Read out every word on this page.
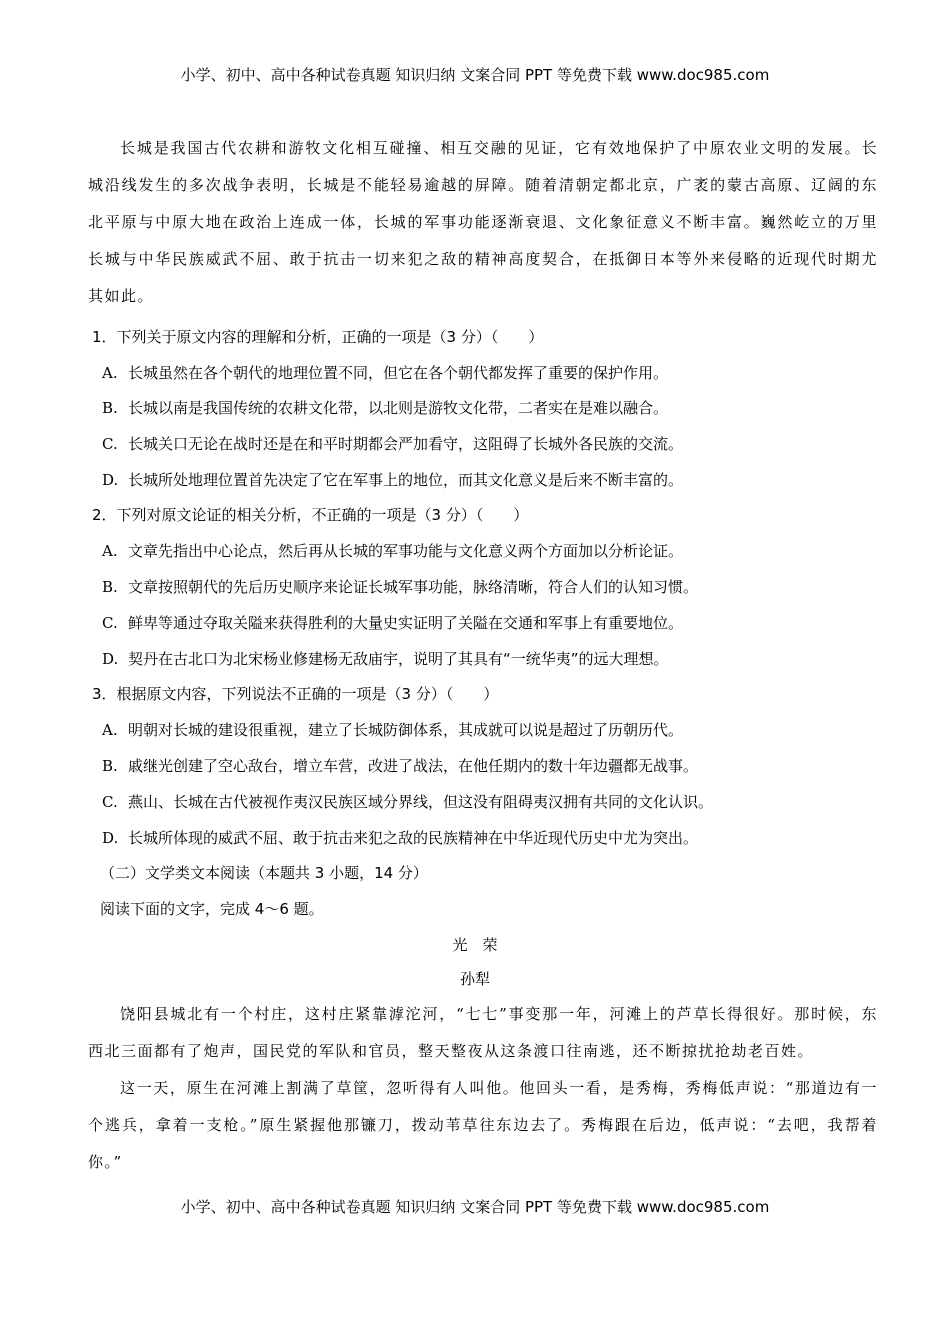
小学、初中、高中各种试卷真题 知识归纳 文案合同 PPT 等免费下载 www.doc985.com
长城是我国古代农耕和游牧文化相互碰撞、相互交融的见证，它有效地保护了中原农业文明的发展。长城沿线发生的多次战争表明，长城是不能轻易逾越的屏障。随着清朝定都北京，广袤的蒙古高原、辽阔的东北平原与中原大地在政治上连成一体，长城的军事功能逐渐衰退、文化象征意义不断丰富。巍然屹立的万里长城与中华民族威武不屈、敢于抗击一切来犯之敌的精神高度契合，在抵御日本等外来侵略的近现代时期尤其如此。
1．下列关于原文内容的理解和分析，正确的一项是（3 分）（　　）
A. 长城虽然在各个朝代的地理位置不同，但它在各个朝代都发挥了重要的保护作用。
B. 长城以南是我国传统的农耕文化带，以北则是游牧文化带，二者实在是难以融合。
C. 长城关口无论在战时还是在和平时期都会严加看守，这阻碍了长城外各民族的交流。
D. 长城所处地理位置首先决定了它在军事上的地位，而其文化意义是后来不断丰富的。
2．下列对原文论证的相关分析，不正确的一项是（3 分）（　　）
A. 文章先指出中心论点，然后再从长城的军事功能与文化意义两个方面加以分析论证。
B. 文章按照朝代的先后历史顺序来论证长城军事功能，脉络清晰，符合人们的认知习惯。
C. 鲜卑等通过夺取关隘来获得胜利的大量史实证明了关隘在交通和军事上有重要地位。
D. 契丹在古北口为北宋杨业修建杨无敌庙宇，说明了其具有“一统华夷”的远大理想。
3．根据原文内容，下列说法不正确的一项是（3 分）（　　）
A. 明朝对长城的建设很重视，建立了长城防御体系，其成就可以说是超过了历朝历代。
B. 戚继光创建了空心敌台，增立车营，改进了战法，在他任期内的数十年边疆都无战事。
C. 燕山、长城在古代被视作夷汉民族区域分界线，但这没有阻碍夷汉拥有共同的文化认识。
D. 长城所体现的威武不屈、敢于抗击来犯之敌的民族精神在中华近现代历史中尤为突出。
（二）文学类文本阅读（本题共 3 小题，14 分）
阅读下面的文字，完成 4～6 题。
光　荣
孙犁
饶阳县城北有一个村庄，这村庄紧靠滹沱河，“七七”事变那一年，河滩上的芦草长得很好。那时候，东西北三面都有了炮声，国民党的军队和官员，整天整夜从这条渡口往南逃，还不断掠扰抢劫老百姓。
这一天，原生在河滩上割满了草筐，忽听得有人叫他。他回头一看，是秀梅，秀梅低声说：“那道边有一个逃兵，拿着一支枪。”原生紧握他那镰刀，拨动苇草往东边去了。秀梅跟在后边，低声说：“去吧，我帮着你。”
小学、初中、高中各种试卷真题 知识归纳 文案合同 PPT 等免费下载 www.doc985.com
